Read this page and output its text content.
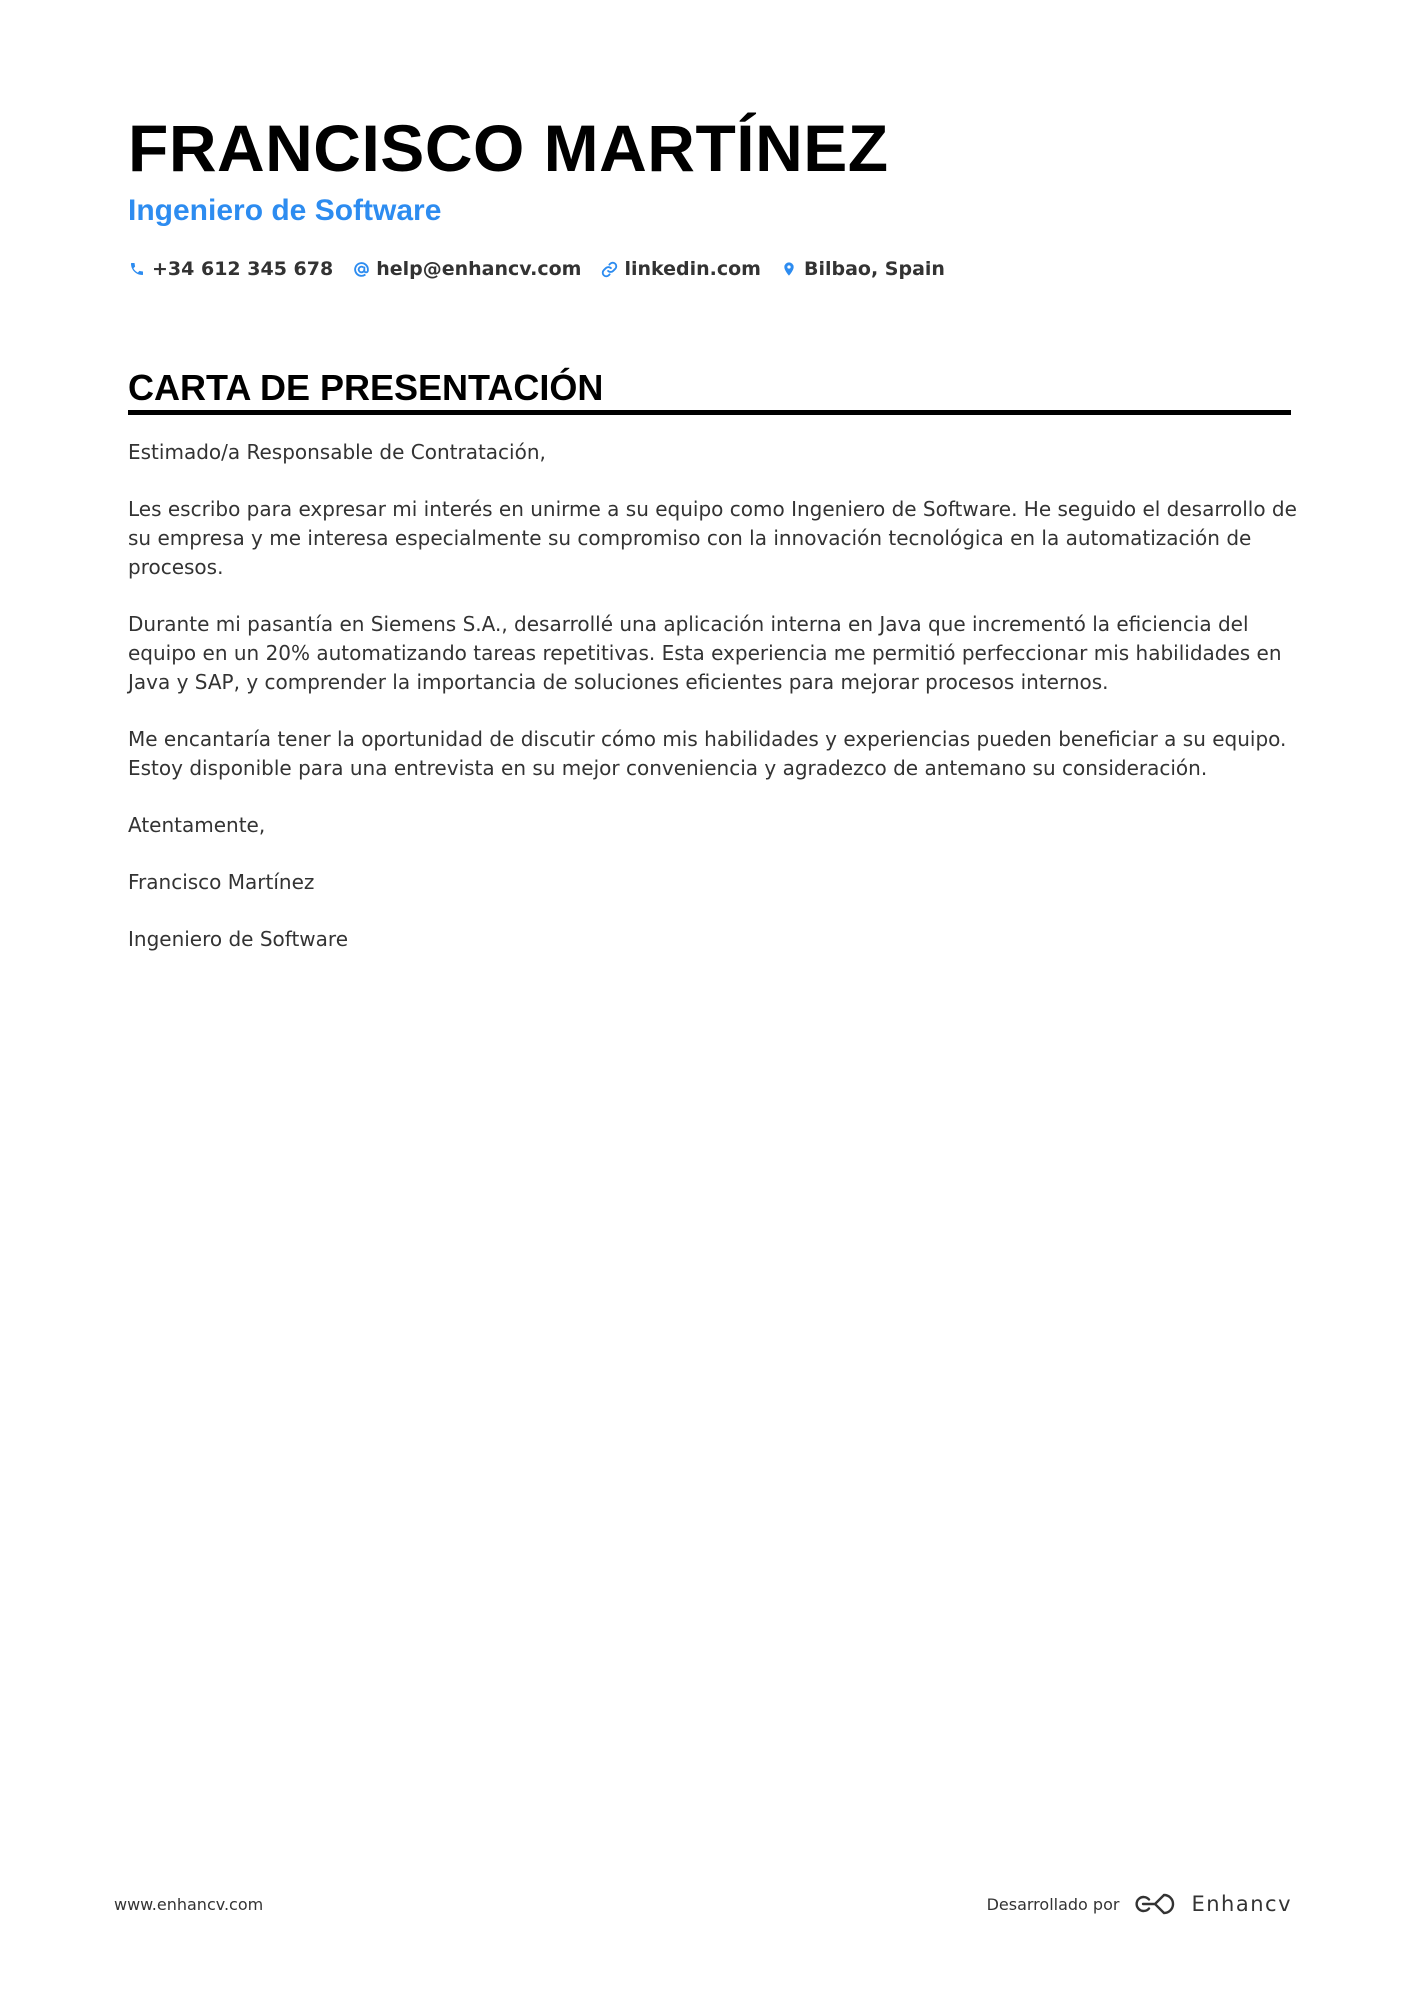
FRANCISCO MARTÍNEZ
Ingeniero de Software
+34 612 345 678 help@enhancv.com linkedin.com Bilbao, Spain
CARTA DE PRESENTACIÓN

Estimado/a Responsable de Contratación,

Les escribo para expresar mi interés en unirme a su equipo como Ingeniero de Software. He seguido el desarrollo de su empresa y me interesa especialmente su compromiso con la innovación tecnológica en la automatización de procesos.

Durante mi pasantía en Siemens S.A., desarrollé una aplicación interna en Java que incrementó la eficiencia del equipo en un 20% automatizando tareas repetitivas. Esta experiencia me permitió perfeccionar mis habilidades en Java y SAP, y comprender la importancia de soluciones eficientes para mejorar procesos internos.

Me encantaría tener la oportunidad de discutir cómo mis habilidades y experiencias pueden beneficiar a su equipo. Estoy disponible para una entrevista en su mejor conveniencia y agradezco de antemano su consideración.

Atentamente,

Francisco Martínez

Ingeniero de Software

www.enhancv.com	Desarrollado por	Enhancv
